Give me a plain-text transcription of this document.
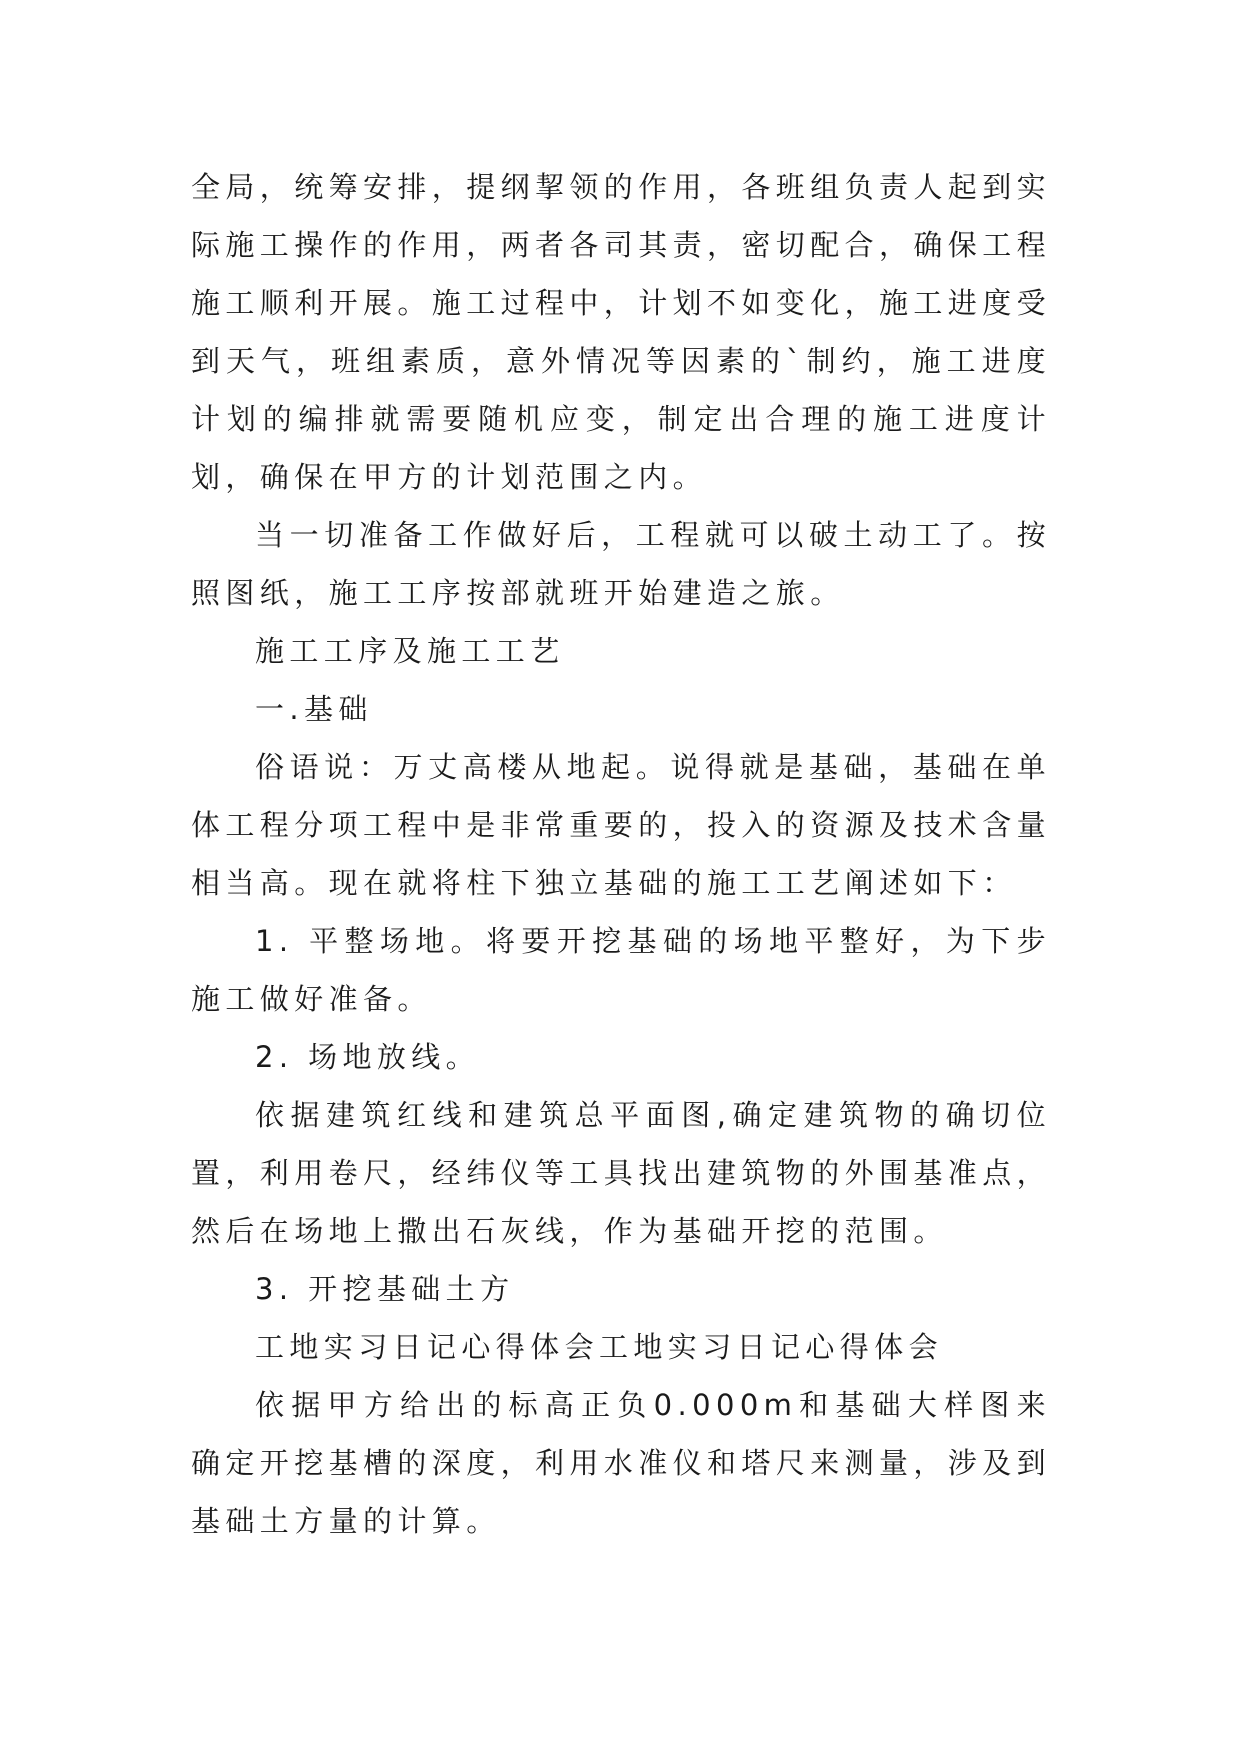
全局，统筹安排，提纲挈领的作用，各班组负责人起到实际施工操作的作用，两者各司其责，密切配合，确保工程施工顺利开展。施工过程中，计划不如变化，施工进度受到天气，班组素质，意外情况等因素的`制约，施工进度计划的编排就需要随机应变，制定出合理的施工进度计划，确保在甲方的计划范围之内。

当一切准备工作做好后，工程就可以破土动工了。按照图纸，施工工序按部就班开始建造之旅。

施工工序及施工工艺

一.基础

俗语说：万丈高楼从地起。说得就是基础，基础在单体工程分项工程中是非常重要的，投入的资源及技术含量相当高。现在就将柱下独立基础的施工工艺阐述如下：

1. 平整场地。将要开挖基础的场地平整好，为下步施工做好准备。

2. 场地放线。

依据建筑红线和建筑总平面图,确定建筑物的确切位置，利用卷尺，经纬仪等工具找出建筑物的外围基准点，然后在场地上撒出石灰线，作为基础开挖的范围。

3. 开挖基础土方

工地实习日记心得体会工地实习日记心得体会

依据甲方给出的标高正负0.000m和基础大样图来确定开挖基槽的深度，利用水准仪和塔尺来测量，涉及到基础土方量的计算。
